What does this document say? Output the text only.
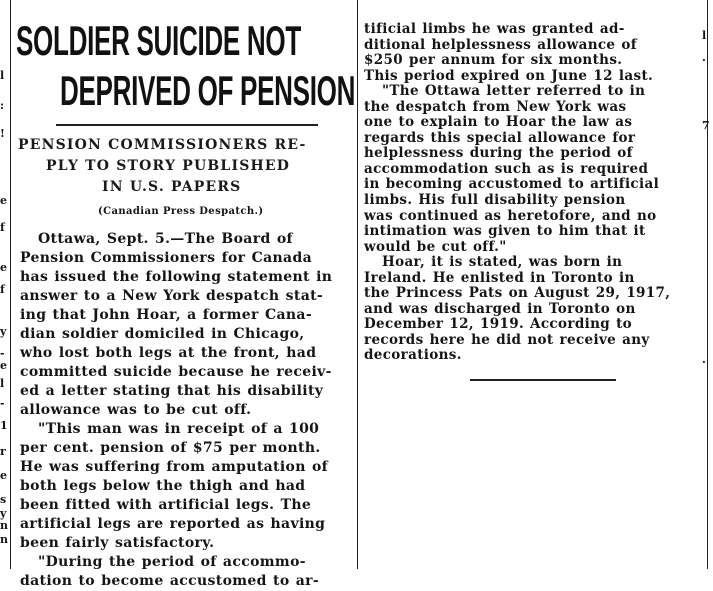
l
:
!
e
f
e
f
y
-
e
l
-
1
r
e
s
y
n
n
SOLDIER SUICIDE NOT
DEPRIVED OF PENSION
PENSION COMMISSIONERS RE-
PLY TO STORY PUBLISHED
IN U.S. PAPERS
(Canadian Press Despatch.)
Ottawa, Sept. 5.—The Board of
Pension Commissioners for Canada
has issued the following statement in
answer to a New York despatch stat-
ing that John Hoar, a former Cana-
dian soldier domiciled in Chicago,
who lost both legs at the front, had
committed suicide because he receiv-
ed a letter stating that his disability
allowance was to be cut off.
"This man was in receipt of a 100
per cent. pension of $75 per month.
He was suffering from amputation of
both legs below the thigh and had
been fitted with artificial legs. The
artificial legs are reported as having
been fairly satisfactory.
"During the period of accommo-
dation to become accustomed to ar-
tificial limbs he was granted ad-
ditional helplessness allowance of
$250 per annum for six months.
This period expired on June 12 last.
"The Ottawa letter referred to in
the despatch from New York was
one to explain to Hoar the law as
regards this special allowance for
helplessness during the period of
accommodation such as is required
in becoming accustomed to artificial
limbs. His full disability pension
was continued as heretofore, and no
intimation was given to him that it
would be cut off."
Hoar, it is stated, was born in
Ireland. He enlisted in Toronto in
the Princess Pats on August 29, 1917,
and was discharged in Toronto on
December 12, 1919. According to
records here he did not receive any
decorations.
l
.
7
.
